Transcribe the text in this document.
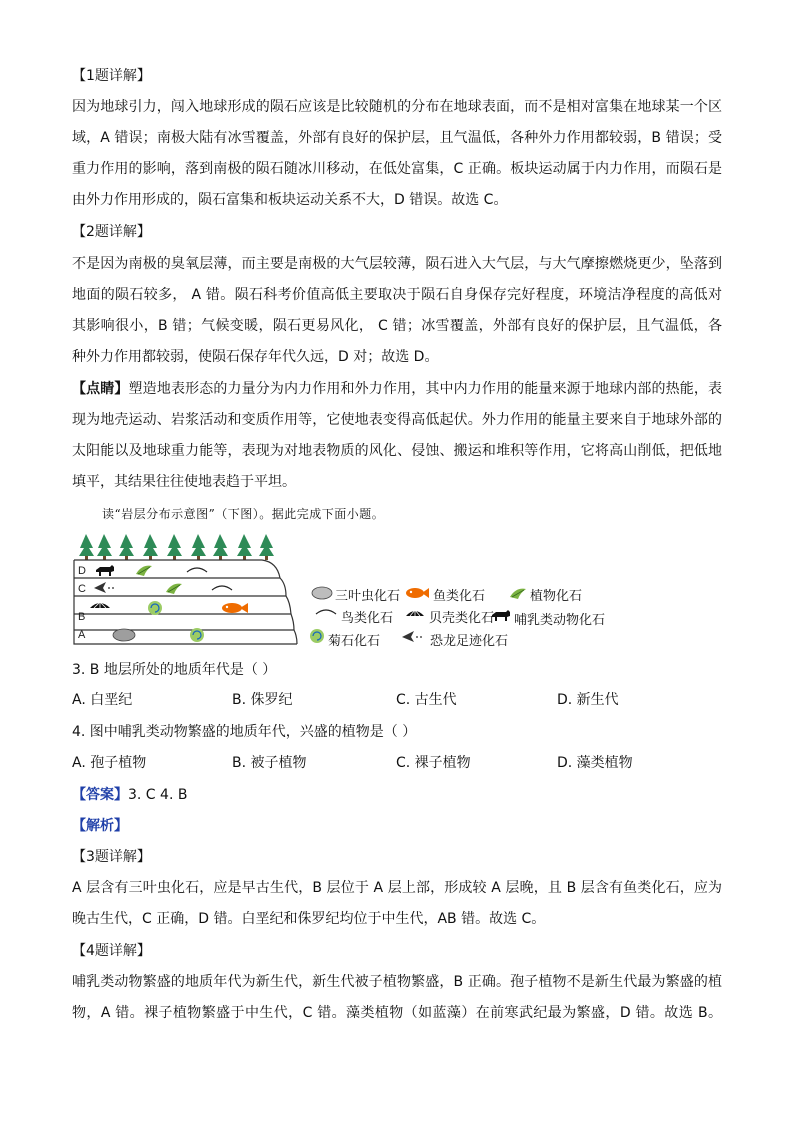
【1题详解】
因为地球引力，闯入地球形成的陨石应该是比较随机的分布在地球表面，而不是相对富集在地球某一个区
域，A 错误；南极大陆有冰雪覆盖，外部有良好的保护层，且气温低，各种外力作用都较弱，B 错误；受
重力作用的影响，落到南极的陨石随冰川移动，在低处富集，C 正确。板块运动属于内力作用，而陨石是
由外力作用形成的，陨石富集和板块运动关系不大，D 错误。故选 C。
【2题详解】
不是因为南极的臭氧层薄，而主要是南极的大气层较薄，陨石进入大气层，与大气摩擦燃烧更少，坠落到
地面的陨石较多， A 错。陨石科考价值高低主要取决于陨石自身保存完好程度，环境洁净程度的高低对
其影响很小，B 错；气候变暖，陨石更易风化， C 错；冰雪覆盖，外部有良好的保护层，且气温低，各
种外力作用都较弱，使陨石保存年代久远，D 对；故选 D。
【点睛】塑造地表形态的力量分为内力作用和外力作用，其中内力作用的能量来源于地球内部的热能，表
现为地壳运动、岩浆活动和变质作用等，它使地表变得高低起伏。外力作用的能量主要来自于地球外部的
太阳能以及地球重力能等，表现为对地表物质的风化、侵蚀、搬运和堆积等作用，它将高山削低，把低地
填平，其结果往往使地表趋于平坦。
读“岩层分布示意图”（下图）。据此完成下面小题。
D
C
B
A
三叶虫化石	鱼类化石	植物化石
鸟类化石	贝壳类化石 哺乳类动物化石
菊石化石	恐龙足迹化石
3. B 地层所处的地质年代是（ ）
A. 白垩纪	B. 侏罗纪	C. 古生代	D. 新生代
4. 图中哺乳类动物繁盛的地质年代，兴盛的植物是（ ）
A. 孢子植物	B. 被子植物	C. 裸子植物	D. 藻类植物
【答案】3. C 4. B
【解析】
【3题详解】
A 层含有三叶虫化石，应是早古生代，B 层位于 A 层上部，形成较 A 层晚，且 B 层含有鱼类化石，应为
晚古生代，C 正确，D 错。白垩纪和侏罗纪均位于中生代，AB 错。故选 C。
【4题详解】
哺乳类动物繁盛的地质年代为新生代，新生代被子植物繁盛，B 正确。孢子植物不是新生代最为繁盛的植
物，A 错。裸子植物繁盛于中生代，C 错。藻类植物（如蓝藻）在前寒武纪最为繁盛，D 错。故选 B。
